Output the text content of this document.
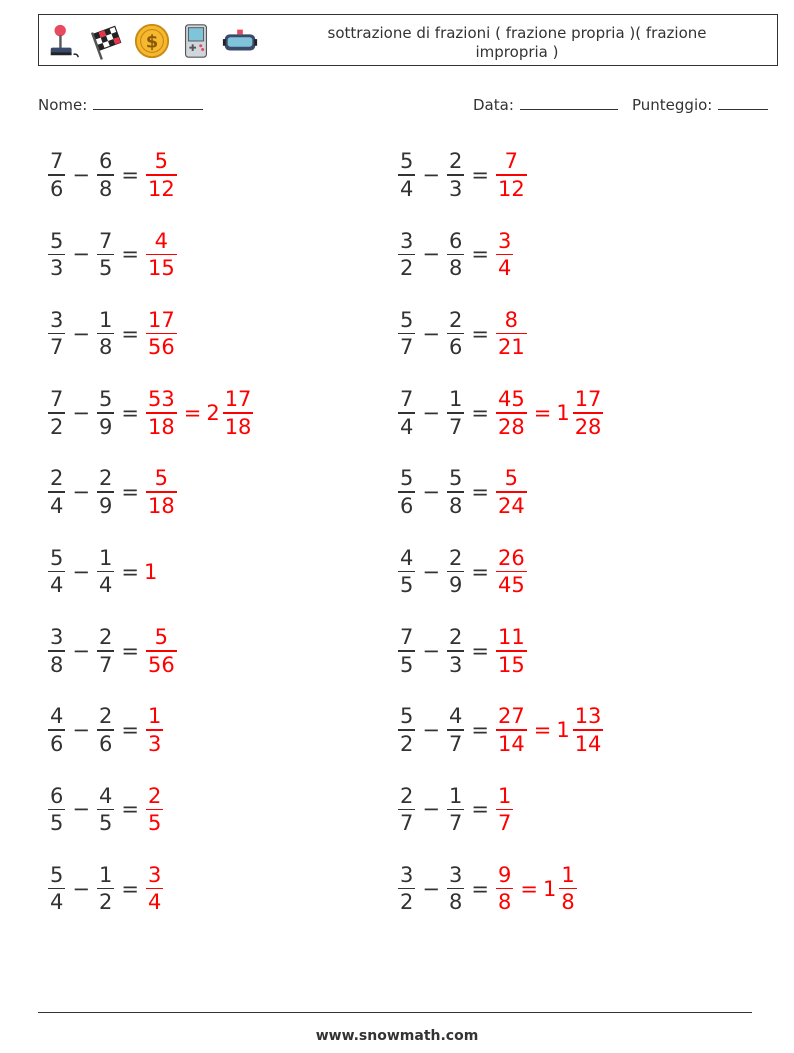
$	sottrazione di frazioni ( frazione propria )( frazione impropria )
Nome:	Data:	Punteggio:
$\frac{7}{6} - \frac{6}{8} = \frac{5}{12}$	$\frac{5}{4} - \frac{2}{3} = \frac{7}{12}$
$\frac{5}{3} - \frac{7}{5} = \frac{4}{15}$	$\frac{3}{2} - \frac{6}{8} = \frac{3}{4}$
$\frac{3}{7} - \frac{1}{8} = \frac{17}{56}$	$\frac{5}{7} - \frac{2}{6} = \frac{8}{21}$
$\frac{7}{2} - \frac{5}{9} = \frac{53}{18} = 2 \frac{17}{18}$	$\frac{7}{4} - \frac{1}{7} = \frac{45}{28} = 1 \frac{17}{28}$
$\frac{2}{4} - \frac{2}{9} = \frac{5}{18}$	$\frac{5}{6} - \frac{5}{8} = \frac{5}{24}$
$\frac{5}{4} - \frac{1}{4} = 1$	$\frac{4}{5} - \frac{2}{9} = \frac{26}{45}$
$\frac{3}{8} - \frac{2}{7} = \frac{5}{56}$	$\frac{7}{5} - \frac{2}{3} = \frac{11}{15}$
$\frac{4}{6} - \frac{2}{6} = \frac{1}{3}$	$\frac{5}{2} - \frac{4}{7} = \frac{27}{14} = 1 \frac{13}{14}$
$\frac{6}{5} - \frac{4}{5} = \frac{2}{5}$	$\frac{2}{7} - \frac{1}{7} = \frac{1}{7}$
$\frac{5}{4} - \frac{1}{2} = \frac{3}{4}$	$\frac{3}{2} - \frac{3}{8} = \frac{9}{8} = 1 \frac{1}{8}$
www.snowmath.com
